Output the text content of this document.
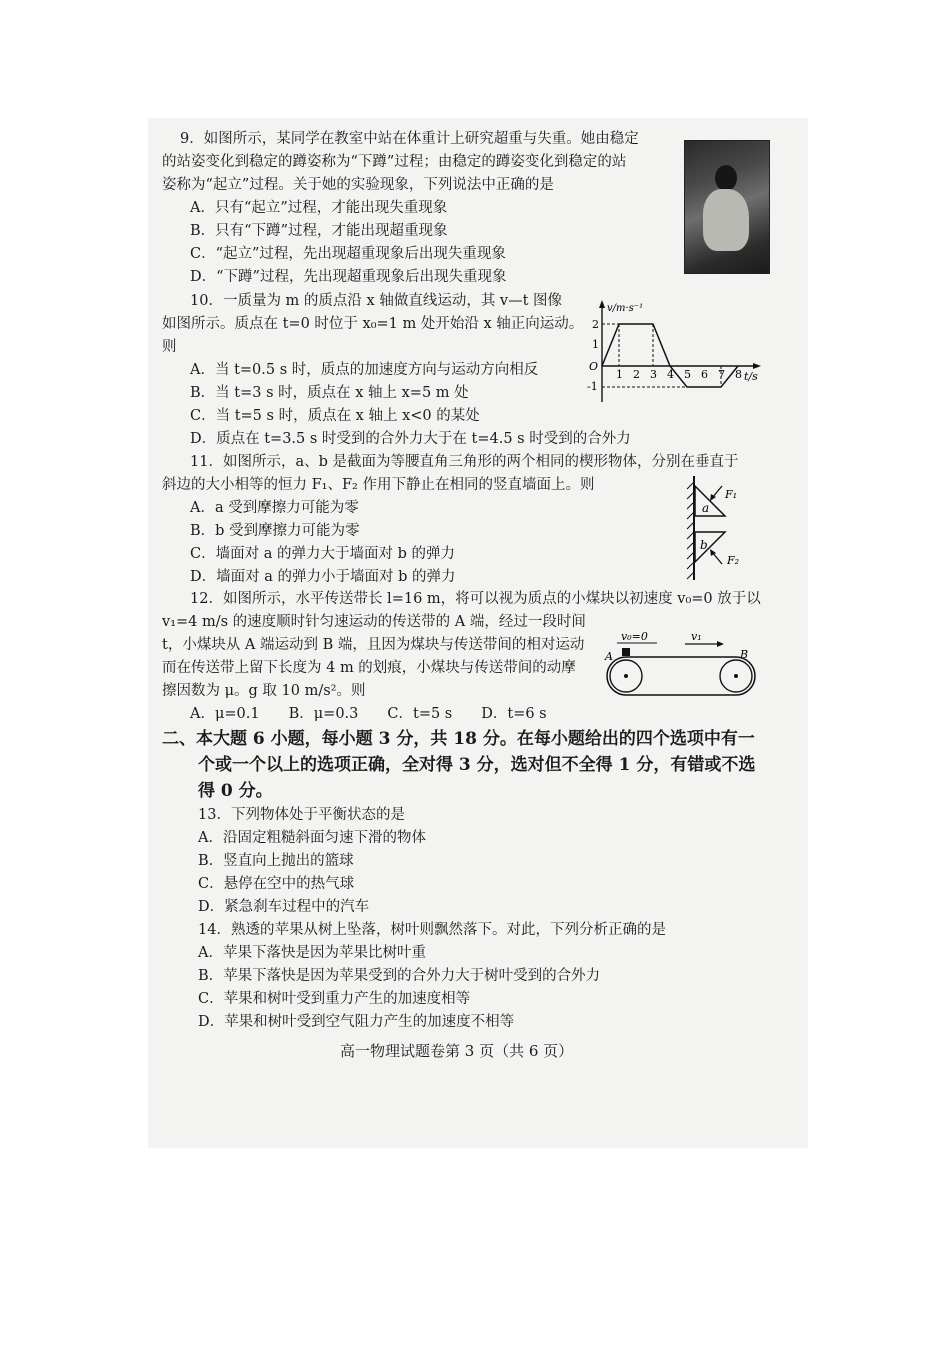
9．如图所示，某同学在教室中站在体重计上研究超重与失重。她由稳定
的站姿变化到稳定的蹲姿称为“下蹲”过程；由稳定的蹲姿变化到稳定的站
姿称为“起立”过程。关于她的实验现象，下列说法中正确的是
A．只有“起立”过程，才能出现失重现象
B．只有“下蹲”过程，才能出现超重现象
C．“起立”过程，先出现超重现象后出现失重现象
D．“下蹲”过程，先出现超重现象后出现失重现象
10．一质量为 m 的质点沿 x 轴做直线运动，其 v—t 图像
如图所示。质点在 t=0 时位于 x₀=1 m 处开始沿 x 轴正向运动。
则
A．当 t=0.5 s 时，质点的加速度方向与运动方向相反
B．当 t=3 s 时，质点在 x 轴上 x=5 m 处
C．当 t=5 s 时，质点在 x 轴上 x<0 的某处
D．质点在 t=3.5 s 时受到的合外力大于在 t=4.5 s 时受到的合外力
v/m·s⁻¹
t/s
O
2
1
-1
1 2 3 4 5 6 7 8
11．如图所示，a、b 是截面为等腰直角三角形的两个相同的楔形物体，分别在垂直于
斜边的大小相等的恒力 F₁、F₂ 作用下静止在相同的竖直墙面上。则
A．a 受到摩擦力可能为零
B．b 受到摩擦力可能为零
C．墙面对 a 的弹力大于墙面对 b 的弹力
D．墙面对 a 的弹力小于墙面对 b 的弹力
a
F₁
b
F₂
12．如图所示，水平传送带长 l=16 m，将可以视为质点的小煤块以初速度 v₀=0 放于以
v₁=4 m/s 的速度顺时针匀速运动的传送带的 A 端，经过一段时间
t，小煤块从 A 端运动到 B 端，且因为煤块与传送带间的相对运动
而在传送带上留下长度为 4 m 的划痕，小煤块与传送带间的动摩
擦因数为 μ。g 取 10 m/s²。则
A．μ=0.1　　B．μ=0.3　　C．t=5 s　　D．t=6 s
v₀=0	v₁
A	B
二、本大题 6 小题，每小题 3 分，共 18 分。在每小题给出的四个选项中有一
个或一个以上的选项正确，全对得 3 分，选对但不全得 1 分，有错或不选
得 0 分。
13．下列物体处于平衡状态的是
A．沿固定粗糙斜面匀速下滑的物体
B．竖直向上抛出的篮球
C．悬停在空中的热气球
D．紧急刹车过程中的汽车
14．熟透的苹果从树上坠落，树叶则飘然落下。对此，下列分析正确的是
A．苹果下落快是因为苹果比树叶重
B．苹果下落快是因为苹果受到的合外力大于树叶受到的合外力
C．苹果和树叶受到重力产生的加速度相等
D．苹果和树叶受到空气阻力产生的加速度不相等
高一物理试题卷第 3 页（共 6 页）
